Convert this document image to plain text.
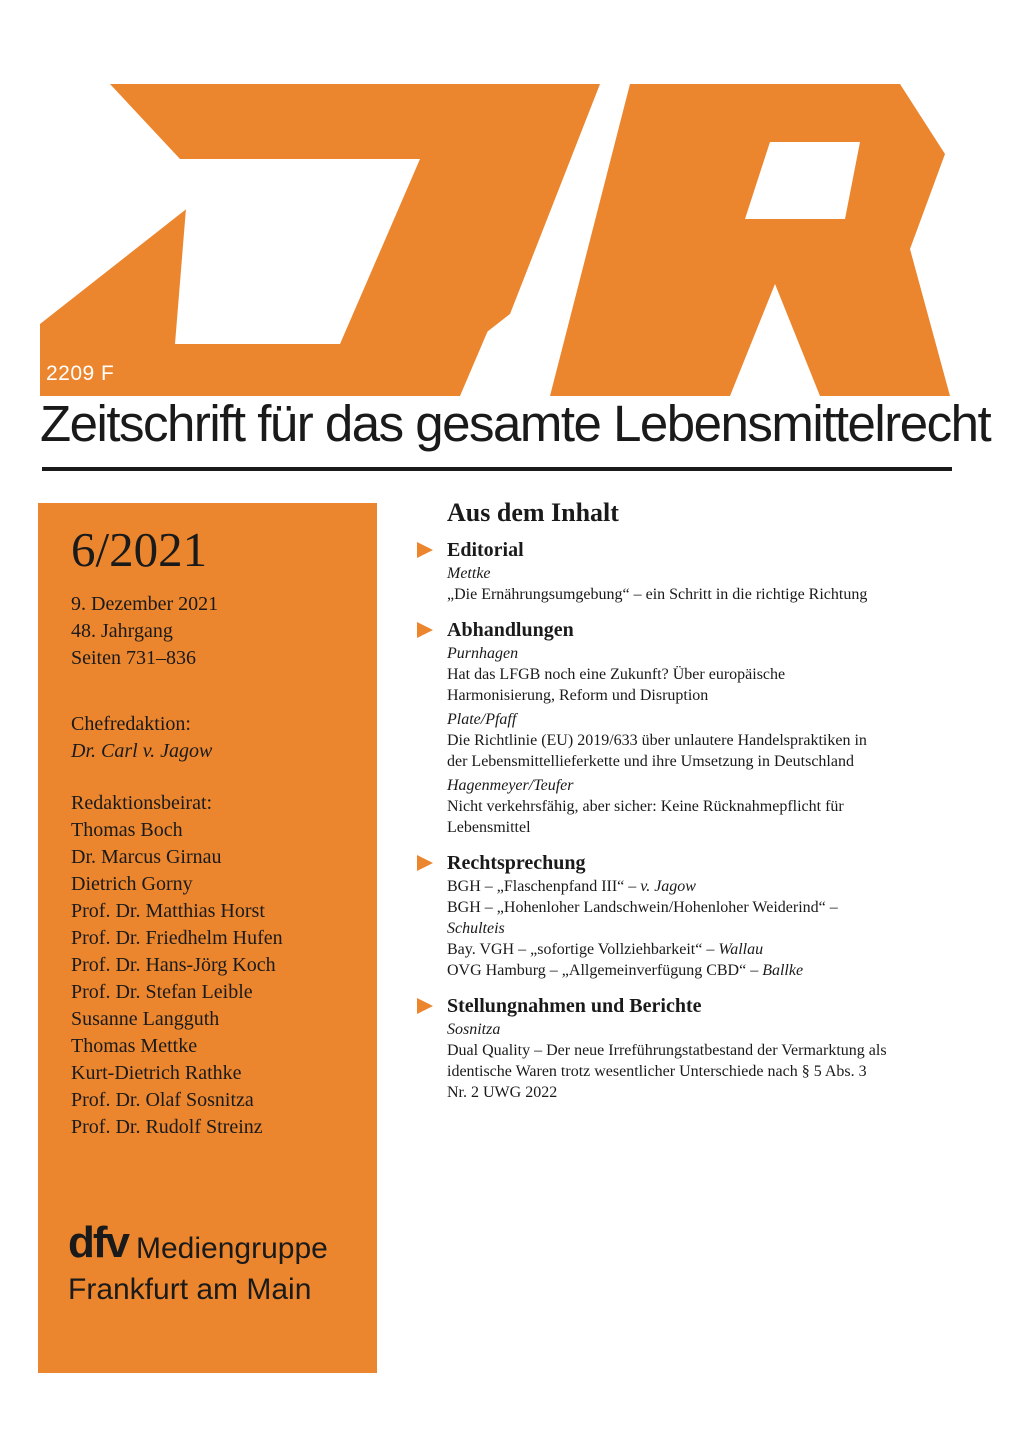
2209 F
Zeitschrift für das gesamte Lebensmittelrecht
6/2021
9. Dezember 2021
48. Jahrgang
Seiten 731–836
Chefredaktion:
Dr. Carl v. Jagow
Redaktionsbeirat:
Thomas Boch
Dr. Marcus Girnau
Dietrich Gorny
Prof. Dr. Matthias Horst
Prof. Dr. Friedhelm Hufen
Prof. Dr. Hans-Jörg Koch
Prof. Dr. Stefan Leible
Susanne Langguth
Thomas Mettke
Kurt-Dietrich Rathke
Prof. Dr. Olaf Sosnitza
Prof. Dr. Rudolf Streinz
dfv Mediengruppe
Frankfurt am Main
Aus dem Inhalt
Editorial
Mettke
„Die Ernährungsumgebung“ – ein Schritt in die richtige Richtung
Abhandlungen
Purnhagen
Hat das LFGB noch eine Zukunft? Über europäische Harmonisierung, Reform und Disruption
Plate/Pfaff
Die Richtlinie (EU) 2019/633 über unlautere Handelspraktiken in der Lebensmittellieferkette und ihre Umsetzung in Deutschland
Hagenmeyer/Teufer
Nicht verkehrsfähig, aber sicher: Keine Rücknahmepflicht für Lebensmittel
Rechtsprechung
BGH – „Flaschenpfand III“ – v. Jagow
BGH – „Hohenloher Landschwein/Hohenloher Weiderind“ – Schulteis
Bay. VGH – „sofortige Vollziehbarkeit“ – Wallau
OVG Hamburg – „Allgemeinverfügung CBD“ – Ballke
Stellungnahmen und Berichte
Sosnitza
Dual Quality – Der neue Irreführungstatbestand der Vermarktung als identische Waren trotz wesentlicher Unterschiede nach § 5 Abs. 3 Nr. 2 UWG 2022
